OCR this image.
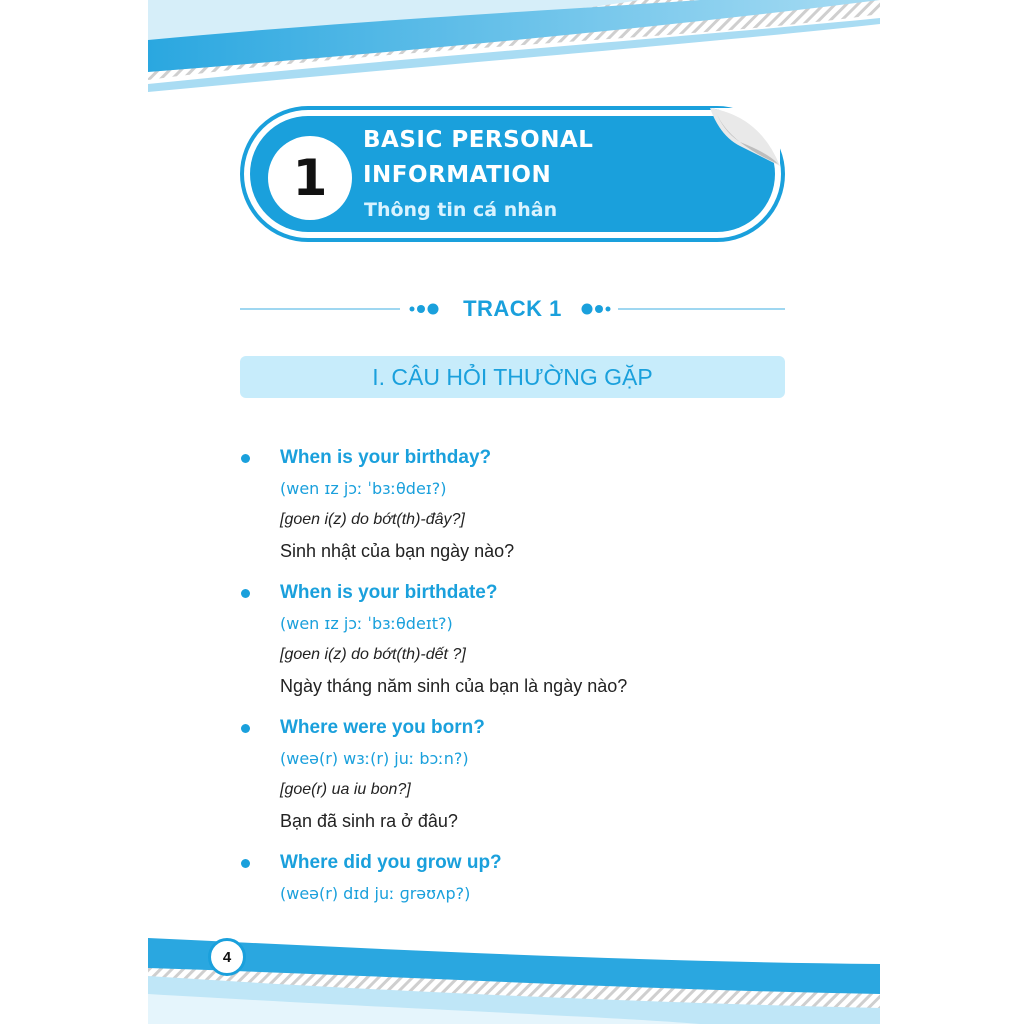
1
BASIC PERSONAL
INFORMATION
Thông tin cá nhân
TRACK 1
I. CÂU HỎI THƯỜNG GẶP
When is your birthday?
(wen ɪz jɔː ˈbɜːθdeɪ?)
[goen i(z) do bớt(th)-đây?]
Sinh nhật của bạn ngày nào?
When is your birthdate?
(wen ɪz jɔː ˈbɜːθdeɪt?)
[goen i(z) do bớt(th)-dết ?]
Ngày tháng năm sinh của bạn là ngày nào?
Where were you born?
(weə(r) wɜː(r) juː bɔːn?)
[goe(r) ua iu bon?]
Bạn đã sinh ra ở đâu?
Where did you grow up?
(weə(r) dɪd juː ɡrəʊʌp?)
4
